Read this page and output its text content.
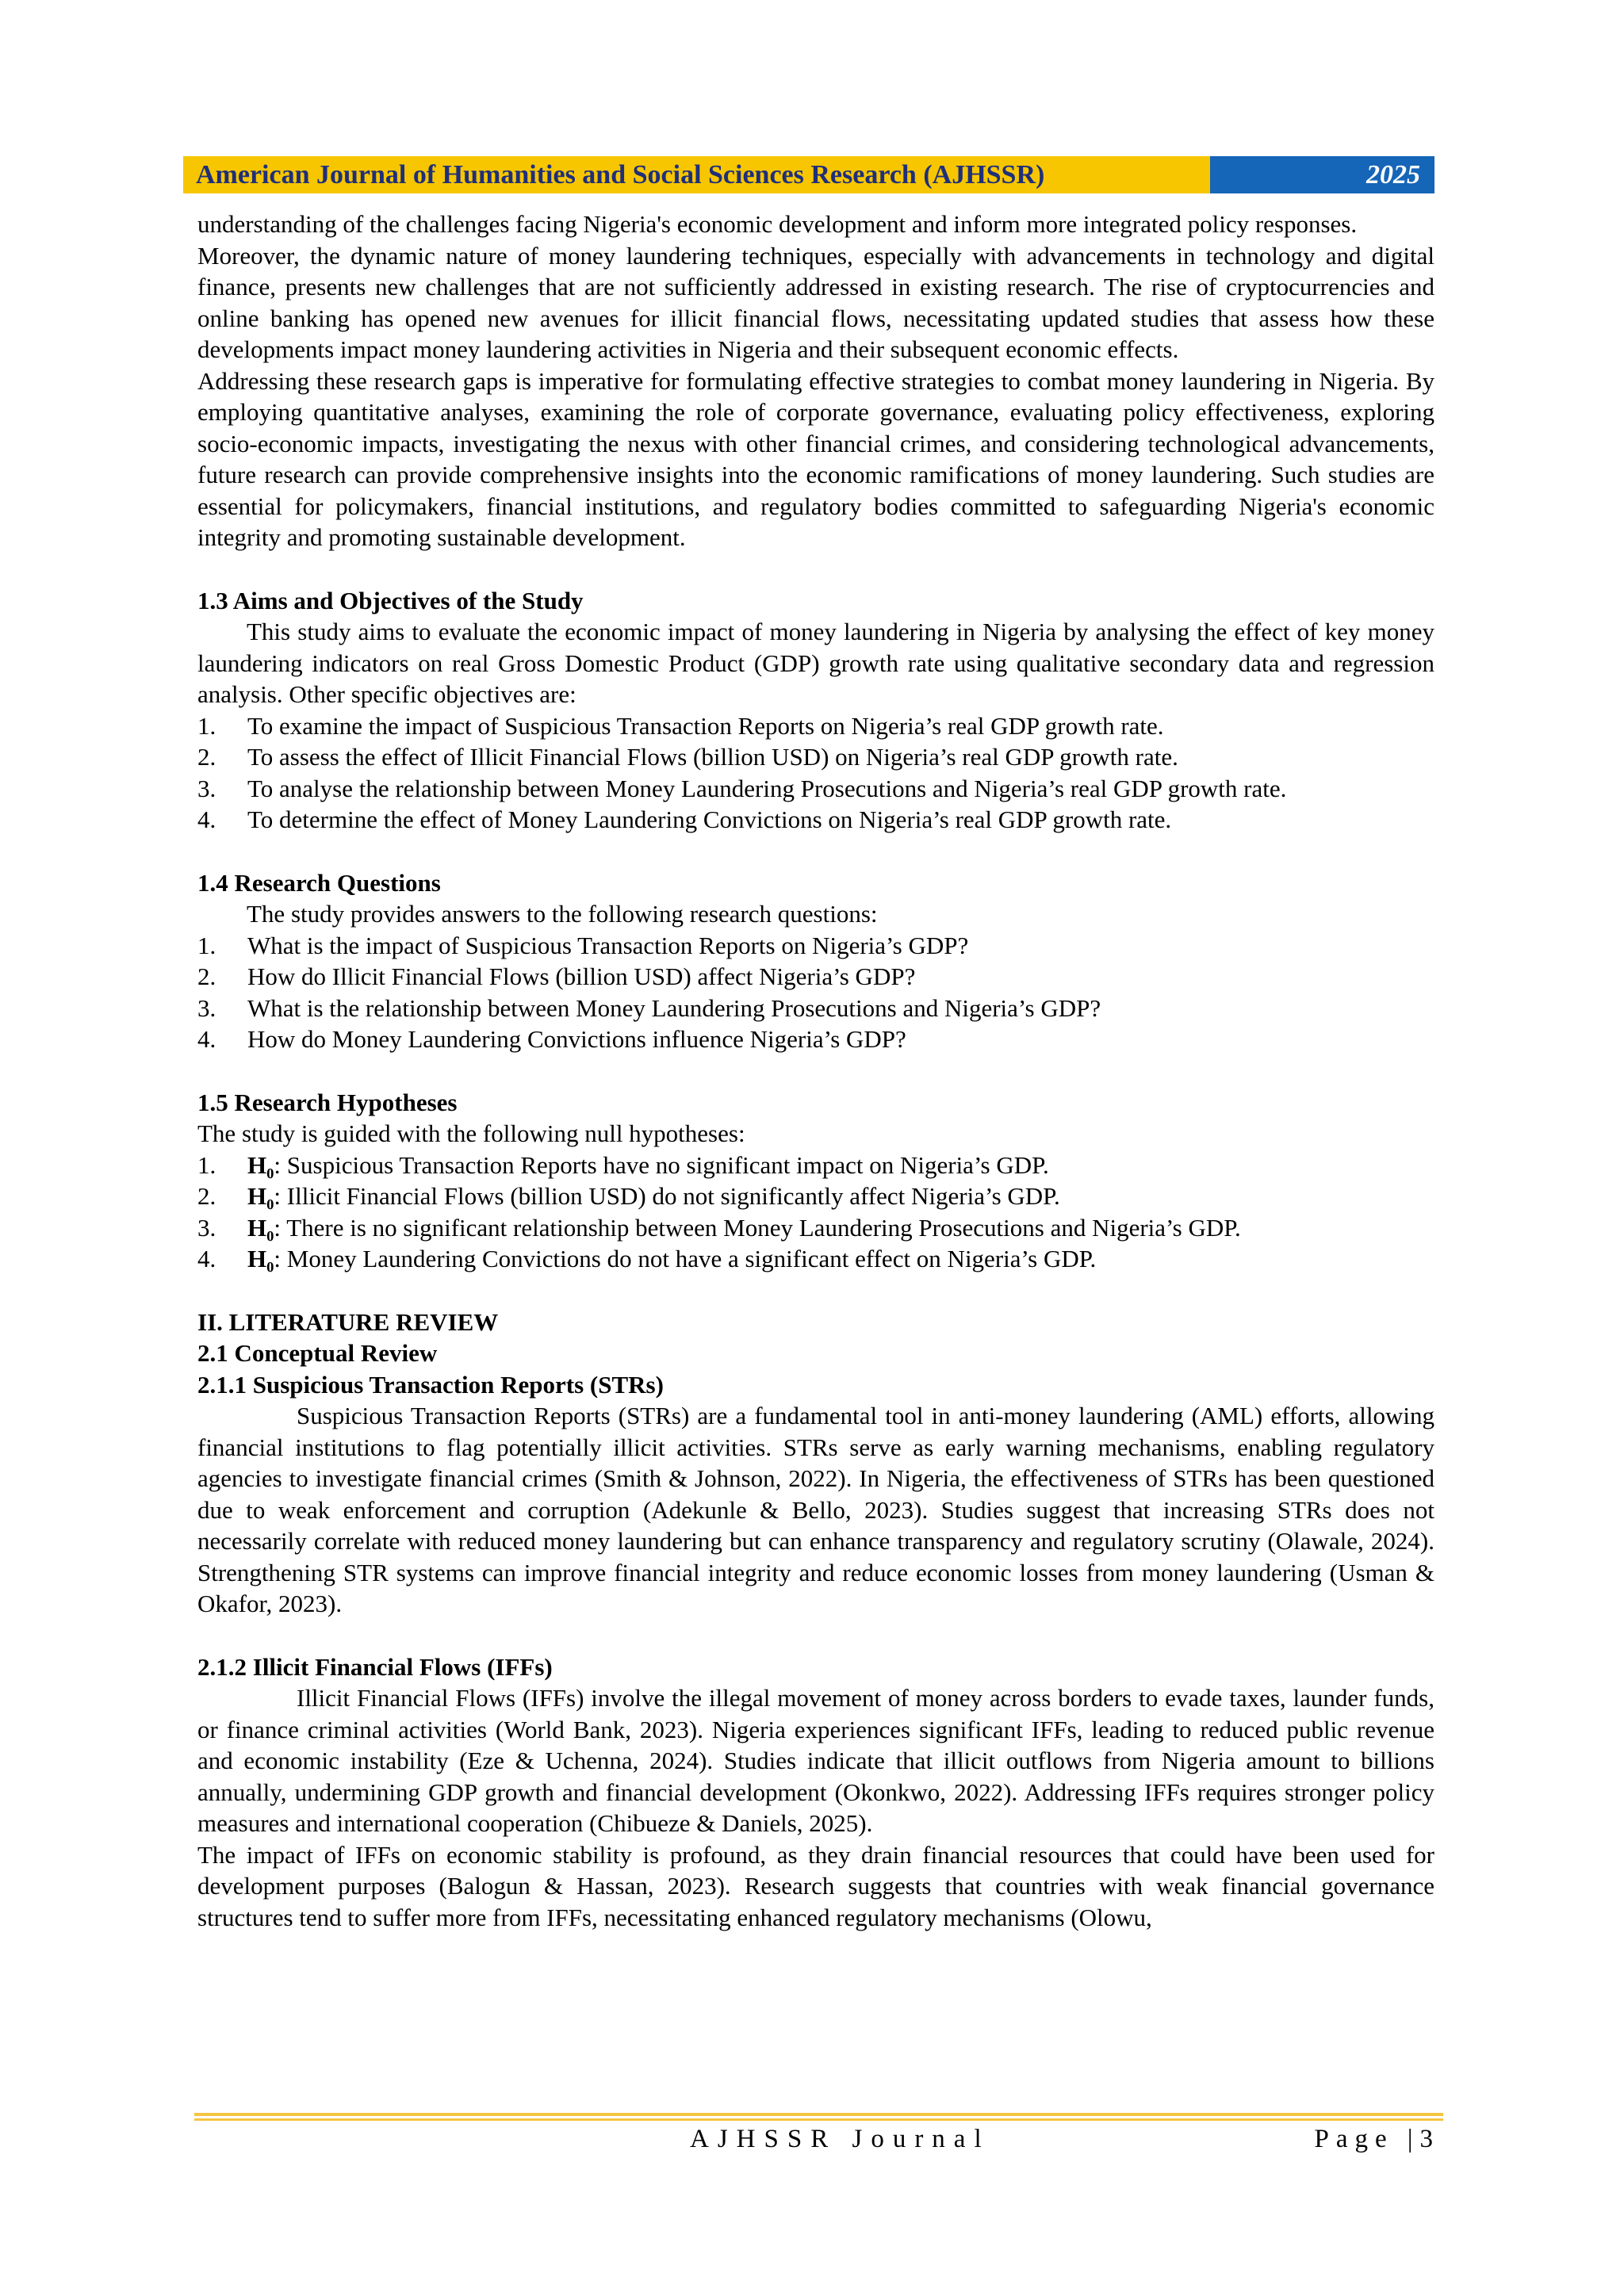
American Journal of Humanities and Social Sciences Research (AJHSSR)	2025

understanding of the challenges facing Nigeria's economic development and inform more integrated policy responses.

Moreover, the dynamic nature of money laundering techniques, especially with advancements in technology and digital finance, presents new challenges that are not sufficiently addressed in existing research. The rise of cryptocurrencies and online banking has opened new avenues for illicit financial flows, necessitating updated studies that assess how these developments impact money laundering activities in Nigeria and their subsequent economic effects.

Addressing these research gaps is imperative for formulating effective strategies to combat money laundering in Nigeria. By employing quantitative analyses, examining the role of corporate governance, evaluating policy effectiveness, exploring socio-economic impacts, investigating the nexus with other financial crimes, and considering technological advancements, future research can provide comprehensive insights into the economic ramifications of money laundering. Such studies are essential for policymakers, financial institutions, and regulatory bodies committed to safeguarding Nigeria's economic integrity and promoting sustainable development.

1.3 Aims and Objectives of the Study

This study aims to evaluate the economic impact of money laundering in Nigeria by analysing the effect of key money laundering indicators on real Gross Domestic Product (GDP) growth rate using qualitative secondary data and regression analysis. Other specific objectives are:

1.	To examine the impact of Suspicious Transaction Reports on Nigeria’s real GDP growth rate.
2.	To assess the effect of Illicit Financial Flows (billion USD) on Nigeria’s real GDP growth rate.
3.	To analyse the relationship between Money Laundering Prosecutions and Nigeria’s real GDP growth rate.
4.	To determine the effect of Money Laundering Convictions on Nigeria’s real GDP growth rate.

1.4 Research Questions

The study provides answers to the following research questions:

1.	What is the impact of Suspicious Transaction Reports on Nigeria’s GDP?
2.	How do Illicit Financial Flows (billion USD) affect Nigeria’s GDP?
3.	What is the relationship between Money Laundering Prosecutions and Nigeria’s GDP?
4.	How do Money Laundering Convictions influence Nigeria’s GDP?

1.5 Research Hypotheses

The study is guided with the following null hypotheses:

1.	H₀: Suspicious Transaction Reports have no significant impact on Nigeria’s GDP.
2.	H₀: Illicit Financial Flows (billion USD) do not significantly affect Nigeria’s GDP.
3.	H₀: There is no significant relationship between Money Laundering Prosecutions and Nigeria’s GDP.
4.	H₀: Money Laundering Convictions do not have a significant effect on Nigeria’s GDP.

II. LITERATURE REVIEW

2.1 Conceptual Review

2.1.1 Suspicious Transaction Reports (STRs)

Suspicious Transaction Reports (STRs) are a fundamental tool in anti-money laundering (AML) efforts, allowing financial institutions to flag potentially illicit activities. STRs serve as early warning mechanisms, enabling regulatory agencies to investigate financial crimes (Smith & Johnson, 2022). In Nigeria, the effectiveness of STRs has been questioned due to weak enforcement and corruption (Adekunle & Bello, 2023). Studies suggest that increasing STRs does not necessarily correlate with reduced money laundering but can enhance transparency and regulatory scrutiny (Olawale, 2024). Strengthening STR systems can improve financial integrity and reduce economic losses from money laundering (Usman & Okafor, 2023).

2.1.2 Illicit Financial Flows (IFFs)

Illicit Financial Flows (IFFs) involve the illegal movement of money across borders to evade taxes, launder funds, or finance criminal activities (World Bank, 2023). Nigeria experiences significant IFFs, leading to reduced public revenue and economic instability (Eze & Uchenna, 2024). Studies indicate that illicit outflows from Nigeria amount to billions annually, undermining GDP growth and financial development (Okonkwo, 2022). Addressing IFFs requires stronger policy measures and international cooperation (Chibueze & Daniels, 2025).

The impact of IFFs on economic stability is profound, as they drain financial resources that could have been used for development purposes (Balogun & Hassan, 2023). Research suggests that countries with weak financial governance structures tend to suffer more from IFFs, necessitating enhanced regulatory mechanisms (Olowu,

AJHSSR Journal	Page |3
